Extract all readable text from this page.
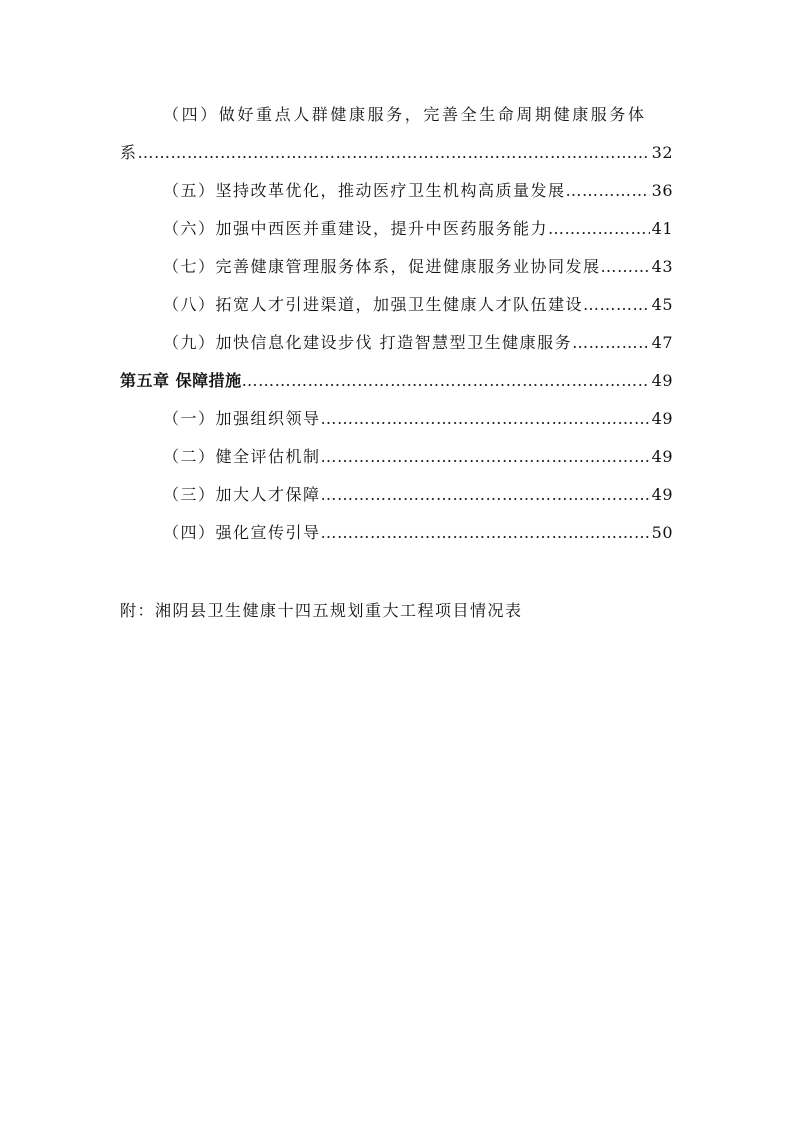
（四）做好重点人群健康服务，完善全生命周期健康服务体
系 ……………………………………………………………………………………………………………………	32
（五）坚持改革优化，推动医疗卫生机构高质量发展 ……………………………………………………………………………………………………………………	36
（六）加强中西医并重建设，提升中医药服务能力 ……………………………………………………………………………………………………………………	41
（七）完善健康管理服务体系，促进健康服务业协同发展 ……………………………………………………………………………………………………………………	43
（八）拓宽人才引进渠道，加强卫生健康人才队伍建设 ……………………………………………………………………………………………………………………	45
（九）加快信息化建设步伐 打造智慧型卫生健康服务 ……………………………………………………………………………………………………………………	47
第五章 保障措施 ……………………………………………………………………………………………………………………	49
（一）加强组织领导 ……………………………………………………………………………………………………………………	49
（二）健全评估机制 ……………………………………………………………………………………………………………………	49
（三）加大人才保障 ……………………………………………………………………………………………………………………	49
（四）强化宣传引导 ……………………………………………………………………………………………………………………	50
附：湘阴县卫生健康十四五规划重大工程项目情况表
